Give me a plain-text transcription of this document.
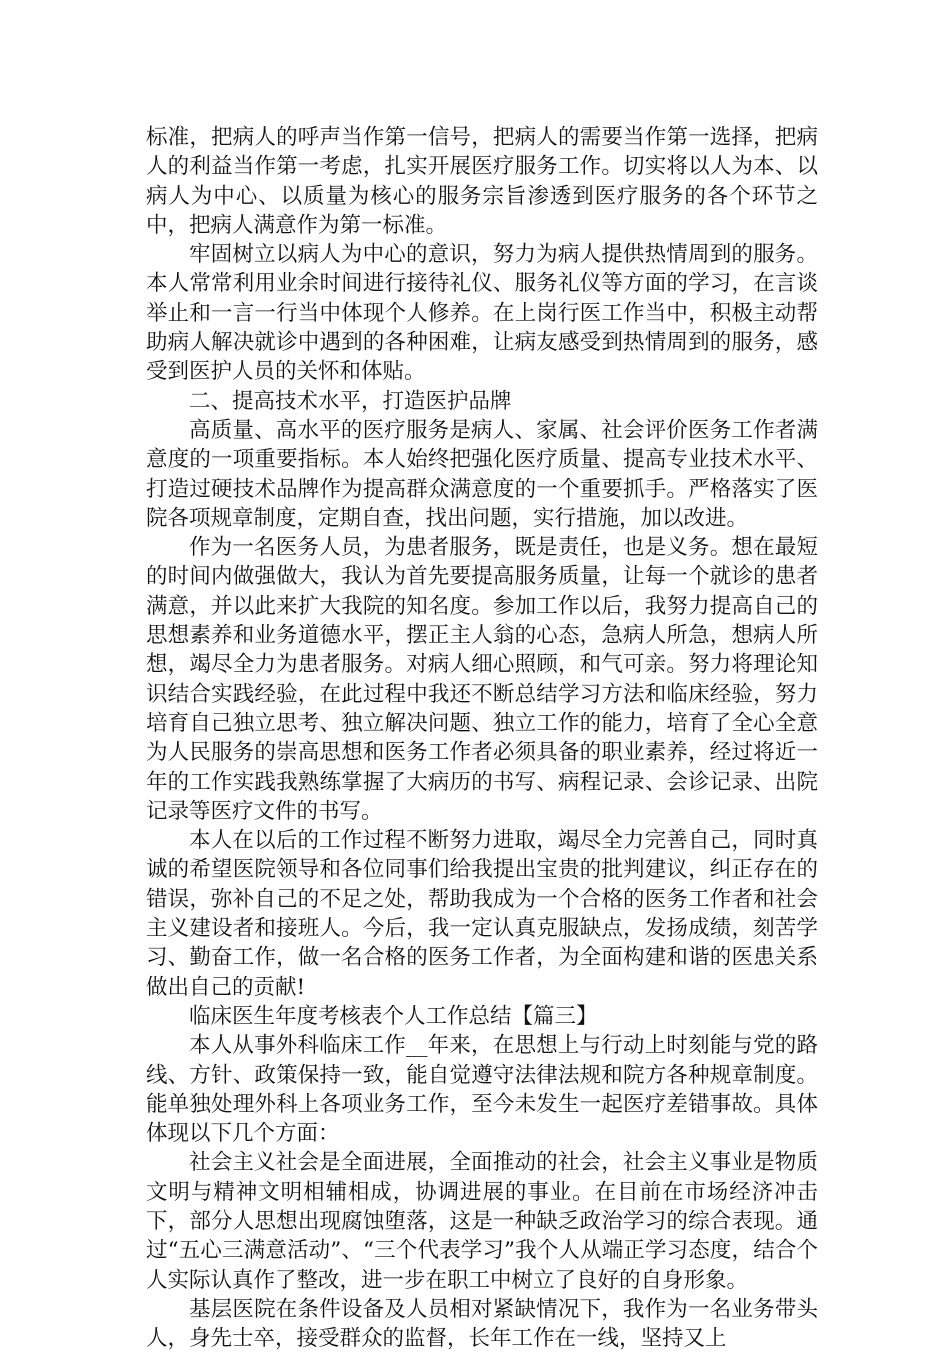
标准，把病人的呼声当作第一信号，把病人的需要当作第一选择，把病人的利益当作第一考虑，扎实开展医疗服务工作。切实将以人为本、以病人为中心、以质量为核心的服务宗旨渗透到医疗服务的各个环节之中，把病人满意作为第一标准。

牢固树立以病人为中心的意识，努力为病人提供热情周到的服务。本人常常利用业余时间进行接待礼仪、服务礼仪等方面的学习，在言谈举止和一言一行当中体现个人修养。在上岗行医工作当中，积极主动帮助病人解决就诊中遇到的各种困难，让病友感受到热情周到的服务，感受到医护人员的关怀和体贴。

二、提高技术水平，打造医护品牌

高质量、高水平的医疗服务是病人、家属、社会评价医务工作者满意度的一项重要指标。本人始终把强化医疗质量、提高专业技术水平、打造过硬技术品牌作为提高群众满意度的一个重要抓手。严格落实了医院各项规章制度，定期自查，找出问题，实行措施，加以改进。

作为一名医务人员，为患者服务，既是责任，也是义务。想在最短的时间内做强做大，我认为首先要提高服务质量，让每一个就诊的患者满意，并以此来扩大我院的知名度。参加工作以后，我努力提高自己的思想素养和业务道德水平，摆正主人翁的心态，急病人所急，想病人所想，竭尽全力为患者服务。对病人细心照顾，和气可亲。努力将理论知识结合实践经验，在此过程中我还不断总结学习方法和临床经验，努力培育自己独立思考、独立解决问题、独立工作的能力，培育了全心全意为人民服务的崇高思想和医务工作者必须具备的职业素养，经过将近一年的工作实践我熟练掌握了大病历的书写、病程记录、会诊记录、出院记录等医疗文件的书写。

本人在以后的工作过程不断努力进取，竭尽全力完善自己，同时真诚的希望医院领导和各位同事们给我提出宝贵的批判建议，纠正存在的错误，弥补自己的不足之处，帮助我成为一个合格的医务工作者和社会主义建设者和接班人。今后，我一定认真克服缺点，发扬成绩，刻苦学习、勤奋工作，做一名合格的医务工作者，为全面构建和谐的医患关系做出自己的贡献!

临床医生年度考核表个人工作总结【篇三】

本人从事外科临床工作__年来，在思想上与行动上时刻能与党的路线、方针、政策保持一致，能自觉遵守法律法规和院方各种规章制度。能单独处理外科上各项业务工作，至今未发生一起医疗差错事故。具体体现以下几个方面：

社会主义社会是全面进展，全面推动的社会，社会主义事业是物质文明与精神文明相辅相成，协调进展的事业。在目前在市场经济冲击下，部分人思想出现腐蚀堕落，这是一种缺乏政治学习的综合表现。通过“五心三满意活动”、“三个代表学习”我个人从端正学习态度，结合个人实际认真作了整改，进一步在职工中树立了良好的自身形象。

基层医院在条件设备及人员相对紧缺情况下，我作为一名业务带头人，身先士卒，接受群众的监督，长年工作在一线，坚持又上
